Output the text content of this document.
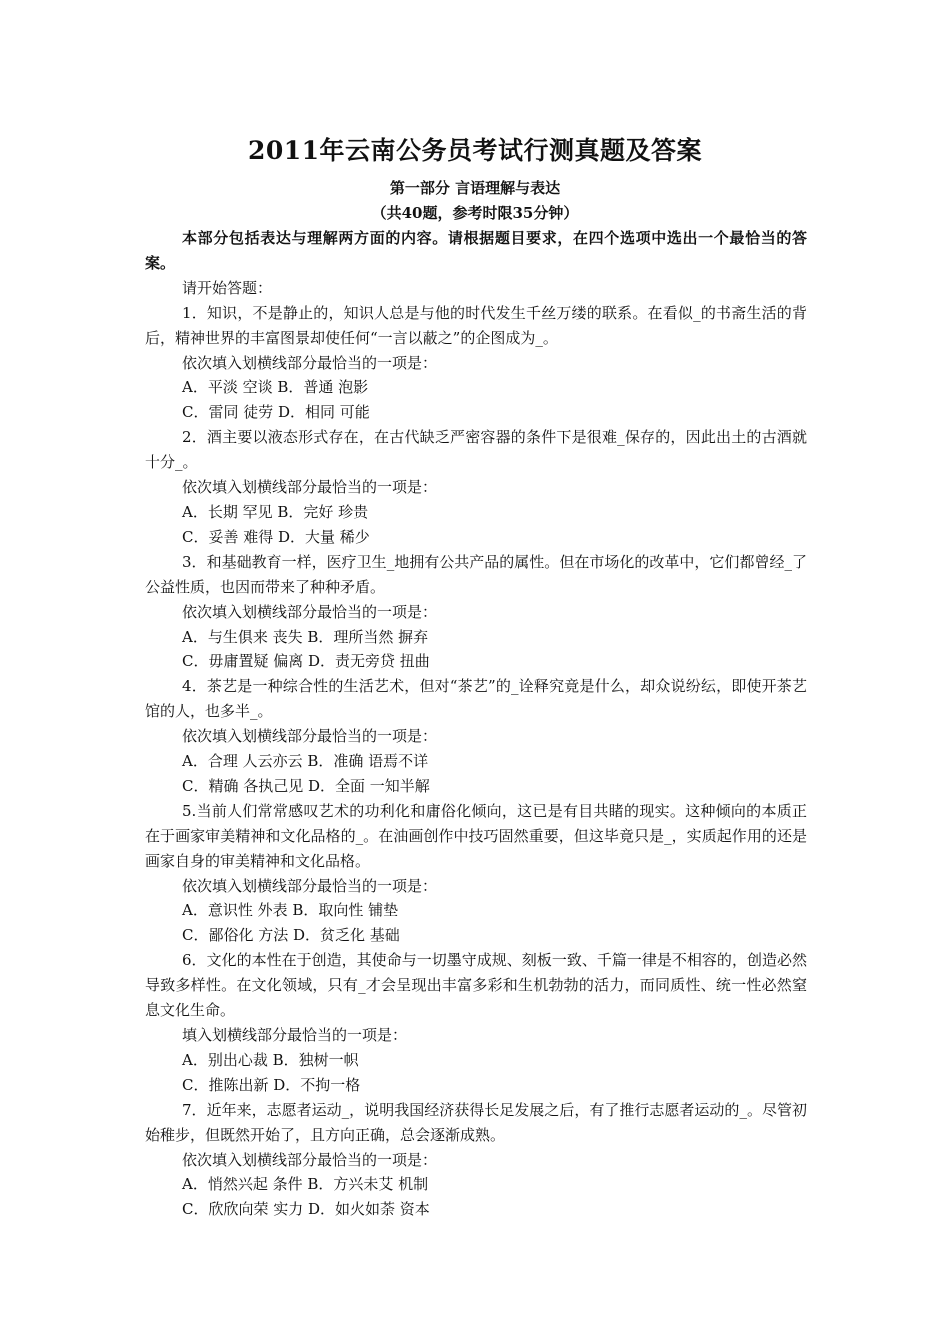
2011年云南公务员考试行测真题及答案
第一部分 言语理解与表达
（共40题，参考时限35分钟）

本部分包括表达与理解两方面的内容。请根据题目要求，在四个选项中选出一个最恰当的答案。

请开始答题：

1．知识，不是静止的，知识人总是与他的时代发生千丝万缕的联系。在看似_的书斋生活的背后，精神世界的丰富图景却使任何“一言以蔽之”的企图成为_。

依次填入划横线部分最恰当的一项是：

A．平淡 空谈 B．普通 泡影

C．雷同 徒劳 D．相同 可能

2．酒主要以液态形式存在，在古代缺乏严密容器的条件下是很难_保存的，因此出土的古酒就十分_。

依次填入划横线部分最恰当的一项是：

A．长期 罕见 B．完好 珍贵

C．妥善 难得 D．大量 稀少

3．和基础教育一样，医疗卫生_地拥有公共产品的属性。但在市场化的改革中，它们都曾经_了公益性质，也因而带来了种种矛盾。

依次填入划横线部分最恰当的一项是：

A．与生俱来 丧失 B．理所当然 摒弃

C．毋庸置疑 偏离 D．责无旁贷 扭曲

4．茶艺是一种综合性的生活艺术，但对“茶艺”的_诠释究竟是什么，却众说纷纭，即使开茶艺馆的人，也多半_。

依次填入划横线部分最恰当的一项是：

A．合理 人云亦云 B．准确 语焉不详

C．精确 各执己见 D．全面 一知半解

5.当前人们常常感叹艺术的功利化和庸俗化倾向，这已是有目共睹的现实。这种倾向的本质正在于画家审美精神和文化品格的_。在油画创作中技巧固然重要，但这毕竟只是_，实质起作用的还是画家自身的审美精神和文化品格。

依次填入划横线部分最恰当的一项是：

A．意识性 外表 B．取向性 铺垫

C．鄙俗化 方法 D．贫乏化 基础

6．文化的本性在于创造，其使命与一切墨守成规、刻板一致、千篇一律是不相容的，创造必然导致多样性。在文化领域，只有_才会呈现出丰富多彩和生机勃勃的活力，而同质性、统一性必然窒息文化生命。

填入划横线部分最恰当的一项是：

A．别出心裁 B．独树一帜

C．推陈出新 D．不拘一格

7．近年来，志愿者运动_，说明我国经济获得长足发展之后，有了推行志愿者运动的_。尽管初始稚步，但既然开始了，且方向正确，总会逐渐成熟。

依次填入划横线部分最恰当的一项是：

A．悄然兴起 条件 B．方兴未艾 机制

C．欣欣向荣 实力 D．如火如荼 资本
